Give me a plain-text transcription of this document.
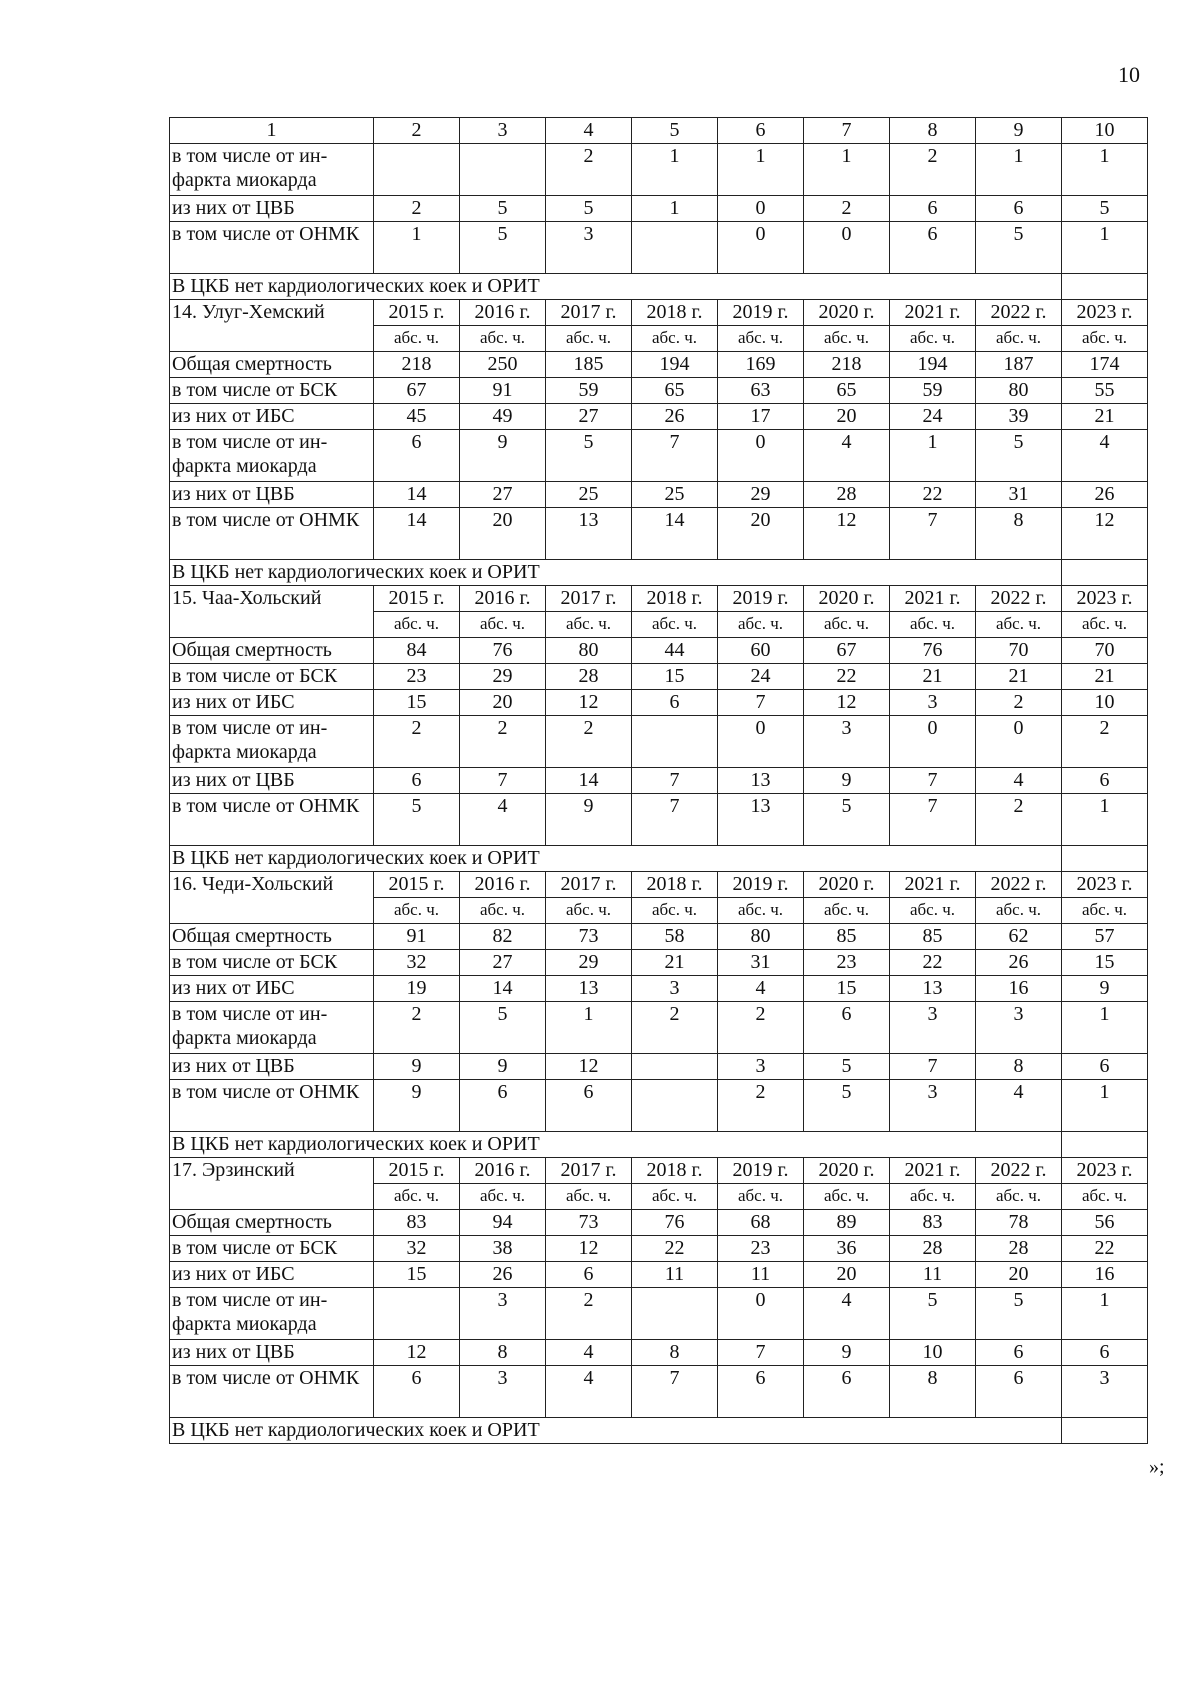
10
1	2	3	4	5	6	7	8	9	10
в том числе от ин-фаркта миокарда			2	1	1	1	2	1	1
из них от ЦВБ	2	5	5	1	0	2	6	6	5
в том числе от ОНМК	1	5	3		0	0	6	5	1
В ЦКБ нет кардиологических коек и ОРИТ									
14. Улуг-Хемский	2015 г.	2016 г.	2017 г.	2018 г.	2019 г.	2020 г.	2021 г.	2022 г.	2023 г.
	абс. ч.	абс. ч.	абс. ч.	абс. ч.	абс. ч.	абс. ч.	абс. ч.	абс. ч.	абс. ч.
Общая смертность	218	250	185	194	169	218	194	187	174
в том числе от БСК	67	91	59	65	63	65	59	80	55
из них от ИБС	45	49	27	26	17	20	24	39	21
в том числе от ин-фаркта миокарда	6	9	5	7	0	4	1	5	4
из них от ЦВБ	14	27	25	25	29	28	22	31	26
в том числе от ОНМК	14	20	13	14	20	12	7	8	12
В ЦКБ нет кардиологических коек и ОРИТ									
15. Чаа-Хольский	2015 г.	2016 г.	2017 г.	2018 г.	2019 г.	2020 г.	2021 г.	2022 г.	2023 г.
	абс. ч.	абс. ч.	абс. ч.	абс. ч.	абс. ч.	абс. ч.	абс. ч.	абс. ч.	абс. ч.
Общая смертность	84	76	80	44	60	67	76	70	70
в том числе от БСК	23	29	28	15	24	22	21	21	21
из них от ИБС	15	20	12	6	7	12	3	2	10
в том числе от ин-фаркта миокарда	2	2	2		0	3	0	0	2
из них от ЦВБ	6	7	14	7	13	9	7	4	6
в том числе от ОНМК	5	4	9	7	13	5	7	2	1
В ЦКБ нет кардиологических коек и ОРИТ									
16. Чеди-Хольский	2015 г.	2016 г.	2017 г.	2018 г.	2019 г.	2020 г.	2021 г.	2022 г.	2023 г.
	абс. ч.	абс. ч.	абс. ч.	абс. ч.	абс. ч.	абс. ч.	абс. ч.	абс. ч.	абс. ч.
Общая смертность	91	82	73	58	80	85	85	62	57
в том числе от БСК	32	27	29	21	31	23	22	26	15
из них от ИБС	19	14	13	3	4	15	13	16	9
в том числе от ин-фаркта миокарда	2	5	1	2	2	6	3	3	1
из них от ЦВБ	9	9	12		3	5	7	8	6
в том числе от ОНМК	9	6	6		2	5	3	4	1
В ЦКБ нет кардиологических коек и ОРИТ									
17. Эрзинский	2015 г.	2016 г.	2017 г.	2018 г.	2019 г.	2020 г.	2021 г.	2022 г.	2023 г.
	абс. ч.	абс. ч.	абс. ч.	абс. ч.	абс. ч.	абс. ч.	абс. ч.	абс. ч.	абс. ч.
Общая смертность	83	94	73	76	68	89	83	78	56
в том числе от БСК	32	38	12	22	23	36	28	28	22
из них от ИБС	15	26	6	11	11	20	11	20	16
в том числе от ин-фаркта миокарда		3	2		0	4	5	5	1
из них от ЦВБ	12	8	4	8	7	9	10	6	6
в том числе от ОНМК	6	3	4	7	6	6	8	6	3
В ЦКБ нет кардиологических коек и ОРИТ									
»;
